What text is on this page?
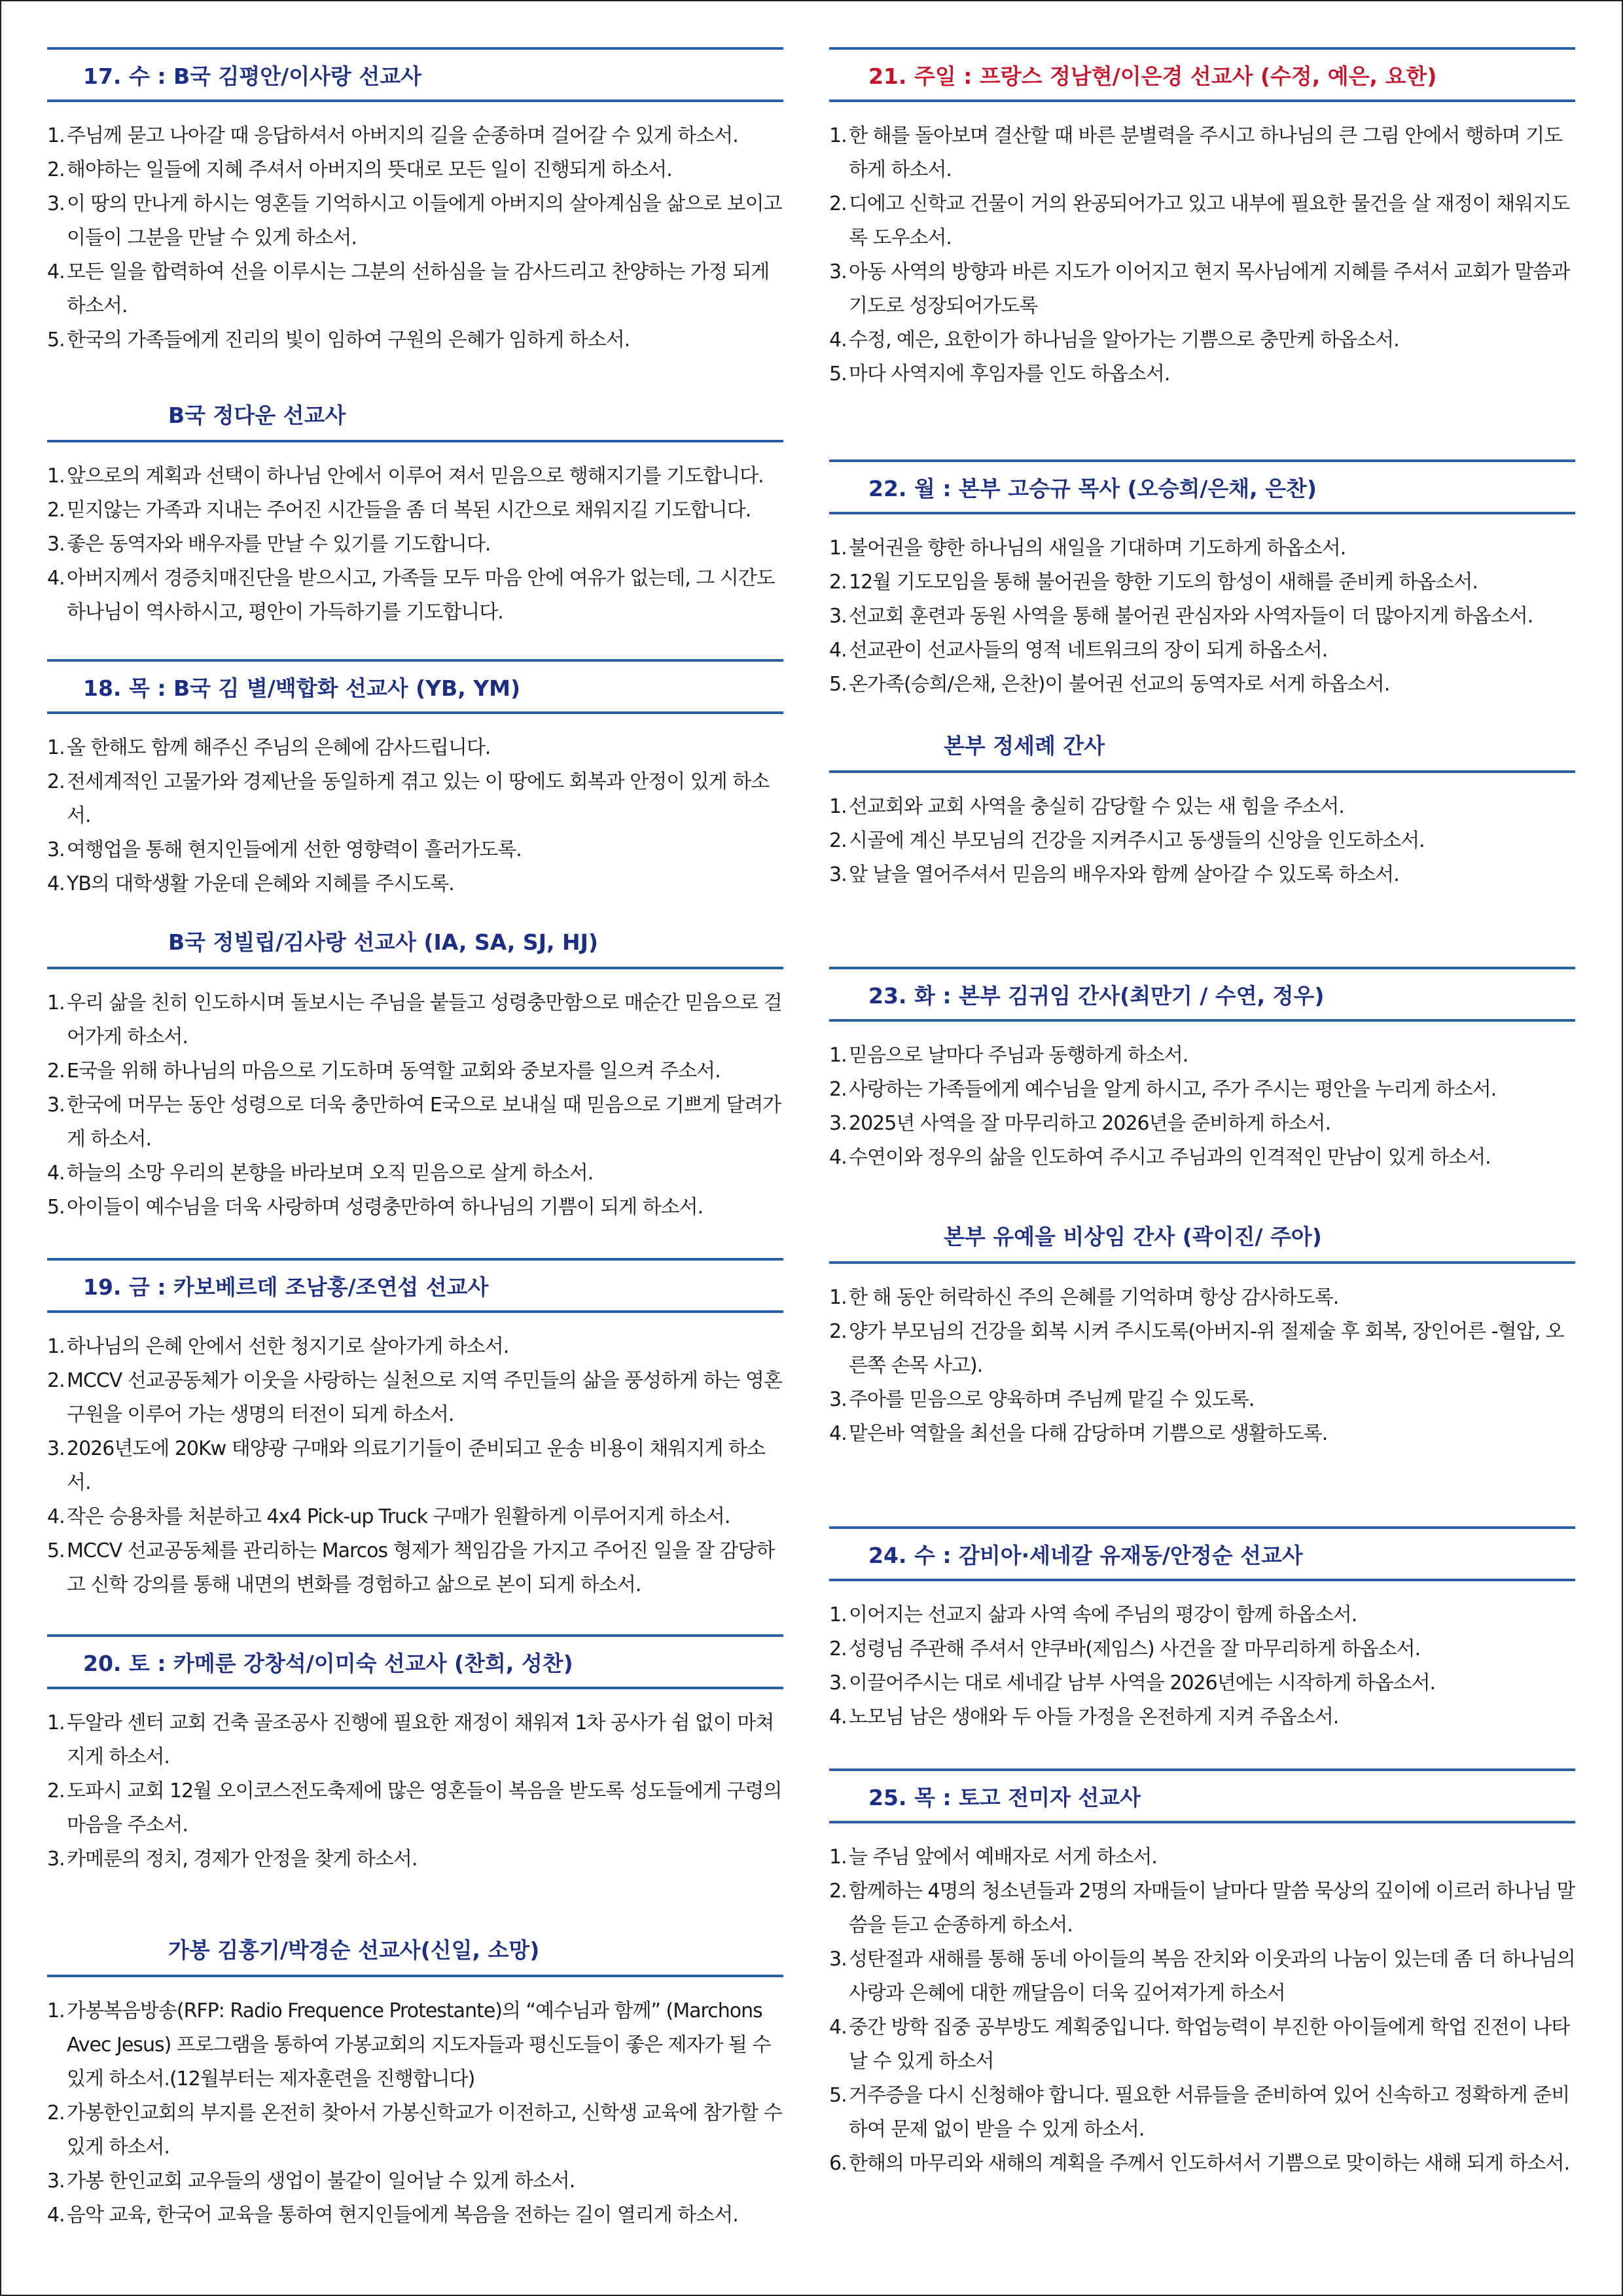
17. 수 : B국 김평안/이사랑 선교사
1. 주님께 묻고 나아갈 때 응답하셔서 아버지의 길을 순종하며 걸어갈 수 있게 하소서.
2. 해야하는 일들에 지혜 주셔서 아버지의 뜻대로 모든 일이 진행되게 하소서.
3. 이 땅의 만나게 하시는 영혼들 기억하시고 이들에게 아버지의 살아계심을 삶으로 보이고 이들이 그분을 만날 수 있게 하소서.
4. 모든 일을 합력하여 선을 이루시는 그분의 선하심을 늘 감사드리고 찬양하는 가정 되게 하소서.
5. 한국의 가족들에게 진리의 빛이 임하여 구원의 은혜가 임하게 하소서.
B국 정다운 선교사
1. 앞으로의 계획과 선택이 하나님 안에서 이루어 져서 믿음으로 행해지기를 기도합니다.
2. 믿지않는 가족과 지내는 주어진 시간들을 좀 더 복된 시간으로 채워지길 기도합니다.
3. 좋은 동역자와 배우자를 만날 수 있기를 기도합니다.
4. 아버지께서 경증치매진단을 받으시고, 가족들 모두 마음 안에 여유가 없는데, 그 시간도 하나님이 역사하시고, 평안이 가득하기를 기도합니다.
18. 목 : B국 김 별/백합화 선교사 (YB, YM)
1. 올 한해도 함께 해주신 주님의 은혜에 감사드립니다.
2. 전세계적인 고물가와 경제난을 동일하게 겪고 있는 이 땅에도 회복과 안정이 있게 하소서.
3. 여행업을 통해 현지인들에게 선한 영향력이 흘러가도록.
4. YB의 대학생활 가운데 은혜와 지혜를 주시도록.
B국 정빌립/김사랑 선교사 (IA, SA, SJ, HJ)
1. 우리 삶을 친히 인도하시며 돌보시는 주님을 붙들고 성령충만함으로 매순간 믿음으로 걸어가게 하소서.
2. E국을 위해 하나님의 마음으로 기도하며 동역할 교회와 중보자를 일으켜 주소서.
3. 한국에 머무는 동안 성령으로 더욱 충만하여 E국으로 보내실 때 믿음으로 기쁘게 달려가게 하소서.
4. 하늘의 소망 우리의 본향을 바라보며 오직 믿음으로 살게 하소서.
5. 아이들이 예수님을 더욱 사랑하며 성령충만하여 하나님의 기쁨이 되게 하소서.
19. 금 : 카보베르데 조남홍/조연섭 선교사
1. 하나님의 은혜 안에서 선한 청지기로 살아가게 하소서.
2. MCCV 선교공동체가 이웃을 사랑하는 실천으로 지역 주민들의 삶을 풍성하게 하는 영혼 구원을 이루어 가는 생명의 터전이 되게 하소서.
3. 2026년도에 20Kw 태양광 구매와 의료기기들이 준비되고 운송 비용이 채워지게 하소서.
4. 작은 승용차를 처분하고 4x4 Pick-up Truck 구매가 원활하게 이루어지게 하소서.
5. MCCV 선교공동체를 관리하는 Marcos 형제가 책임감을 가지고 주어진 일을 잘 감당하고 신학 강의를 통해 내면의 변화를 경험하고 삶으로 본이 되게 하소서.
20. 토 : 카메룬 강창석/이미숙 선교사 (찬희, 성찬)
1. 두알라 센터 교회 건축 골조공사 진행에 필요한 재정이 채워져 1차 공사가 쉼 없이 마쳐지게 하소서.
2. 도파시 교회 12월 오이코스전도축제에 많은 영혼들이 복음을 받도록 성도들에게 구령의 마음을 주소서.
3. 카메룬의 정치, 경제가 안정을 찾게 하소서.
가봉 김홍기/박경순 선교사(신일, 소망)
1. 가봉복음방송(RFP: Radio Frequence Protestante)의 “예수님과 함께” (Marchons Avec Jesus) 프로그램을 통하여 가봉교회의 지도자들과 평신도들이 좋은 제자가 될 수 있게 하소서.(12월부터는 제자훈련을 진행합니다)
2. 가봉한인교회의 부지를 온전히 찾아서 가봉신학교가 이전하고, 신학생 교육에 참가할 수 있게 하소서.
3. 가봉 한인교회 교우들의 생업이 불같이 일어날 수 있게 하소서.
4. 음악 교육, 한국어 교육을 통하여 현지인들에게 복음을 전하는 길이 열리게 하소서.
21. 주일 : 프랑스 정남현/이은경 선교사 (수정, 예은, 요한)
1. 한 해를 돌아보며 결산할 때 바른 분별력을 주시고 하나님의 큰 그림 안에서 행하며 기도하게 하소서.
2. 디에고 신학교 건물이 거의 완공되어가고 있고 내부에 필요한 물건을 살 재정이 채워지도록 도우소서.
3. 아동 사역의 방향과 바른 지도가 이어지고 현지 목사님에게 지혜를 주셔서 교회가 말씀과 기도로 성장되어가도록
4. 수정, 예은, 요한이가 하나님을 알아가는 기쁨으로 충만케 하옵소서.
5. 마다 사역지에 후임자를 인도 하옵소서.
22. 월 : 본부 고승규 목사 (오승희/은채, 은찬)
1. 불어권을 향한 하나님의 새일을 기대하며 기도하게 하옵소서.
2. 12월 기도모임을 통해 불어권을 향한 기도의 함성이 새해를 준비케 하옵소서.
3. 선교회 훈련과 동원 사역을 통해 불어권 관심자와 사역자들이 더 많아지게 하옵소서.
4. 선교관이 선교사들의 영적 네트워크의 장이 되게 하옵소서.
5. 온가족(승희/은채, 은찬)이 불어권 선교의 동역자로 서게 하옵소서.
본부 정세례 간사
1. 선교회와 교회 사역을 충실히 감당할 수 있는 새 힘을 주소서.
2. 시골에 계신 부모님의 건강을 지켜주시고 동생들의 신앙을 인도하소서.
3. 앞 날을 열어주셔서 믿음의 배우자와 함께 살아갈 수 있도록 하소서.
23. 화 : 본부 김귀임 간사(최만기 / 수연, 정우)
1. 믿음으로 날마다 주님과 동행하게 하소서.
2. 사랑하는 가족들에게 예수님을 알게 하시고, 주가 주시는 평안을 누리게 하소서.
3. 2025년 사역을 잘 마무리하고 2026년을 준비하게 하소서.
4. 수연이와 정우의 삶을 인도하여 주시고 주님과의 인격적인 만남이 있게 하소서.
본부 유예을 비상임 간사 (곽이진/ 주아)
1. 한 해 동안 허락하신 주의 은혜를 기억하며 항상 감사하도록.
2. 양가 부모님의 건강을 회복 시켜 주시도록(아버지-위 절제술 후 회복, 장인어른 -혈압, 오른쪽 손목 사고).
3. 주아를 믿음으로 양육하며 주님께 맡길 수 있도록.
4. 맡은바 역할을 최선을 다해 감당하며 기쁨으로 생활하도록.
24. 수 : 감비아·세네갈 유재동/안정순 선교사
1. 이어지는 선교지 삶과 사역 속에 주님의 평강이 함께 하옵소서.
2. 성령님 주관해 주셔서 얀쿠바(제임스) 사건을 잘 마무리하게 하옵소서.
3. 이끌어주시는 대로 세네갈 남부 사역을 2026년에는 시작하게 하옵소서.
4. 노모님 남은 생애와 두 아들 가정을 온전하게 지켜 주옵소서.
25. 목 : 토고 전미자 선교사
1. 늘 주님 앞에서 예배자로 서게 하소서.
2. 함께하는 4명의 청소년들과 2명의 자매들이 날마다 말씀 묵상의 깊이에 이르러 하나님 말씀을 듣고 순종하게 하소서.
3. 성탄절과 새해를 통해 동네 아이들의 복음 잔치와 이웃과의 나눔이 있는데 좀 더 하나님의 사랑과 은혜에 대한 깨달음이 더욱 깊어져가게 하소서
4. 중간 방학 집중 공부방도 계획중입니다. 학업능력이 부진한 아이들에게 학업 진전이 나타날 수 있게 하소서
5. 거주증을 다시 신청해야 합니다. 필요한 서류들을 준비하여 있어 신속하고 정확하게 준비하여 문제 없이 받을 수 있게 하소서.
6. 한해의 마무리와 새해의 계획을 주께서 인도하셔서 기쁨으로 맞이하는 새해 되게 하소서.
